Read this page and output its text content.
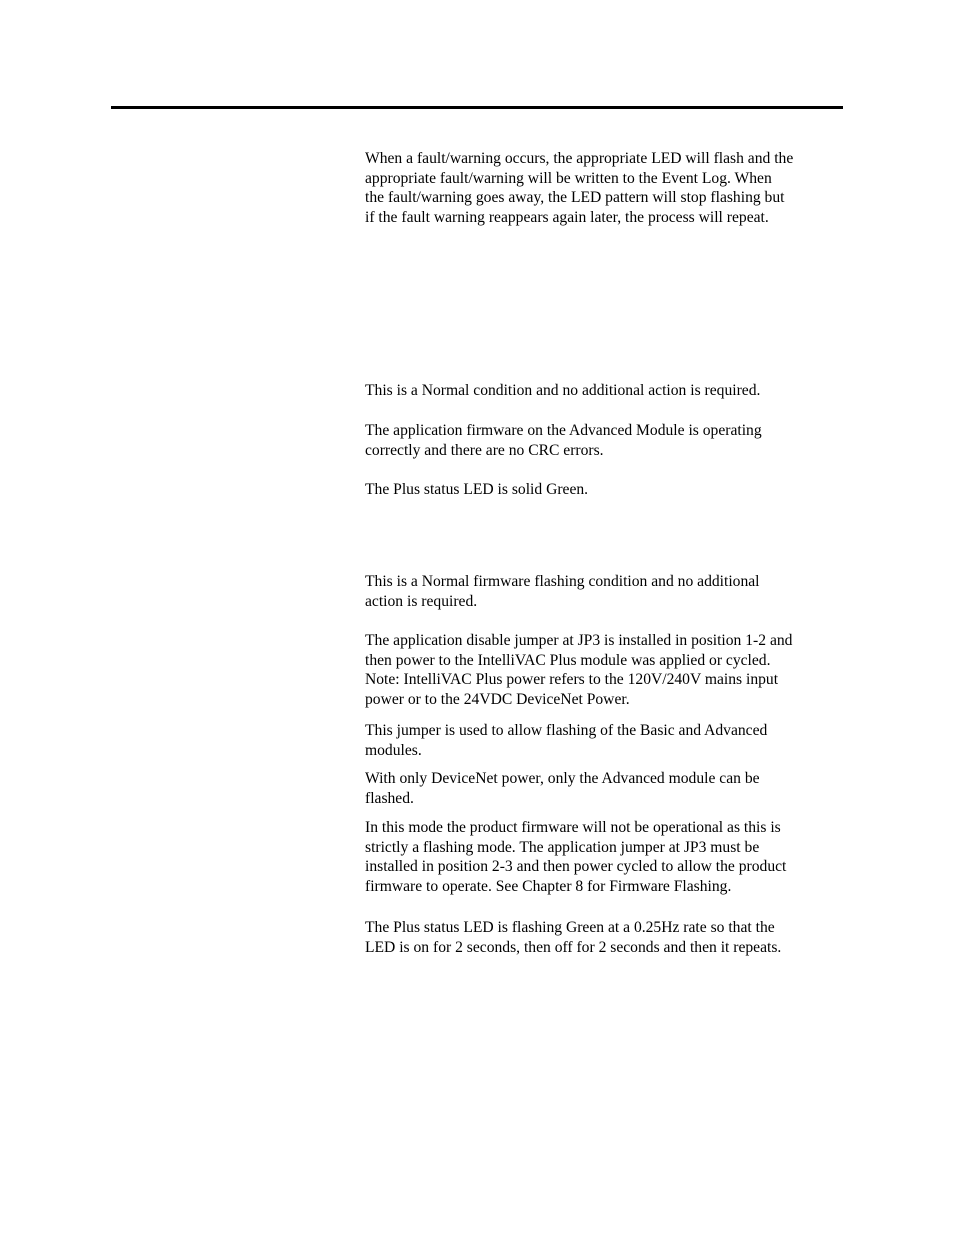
When a fault/warning occurs, the appropriate LED will flash and the
appropriate fault/warning will be written to the Event Log. When
the fault/warning goes away, the LED pattern will stop flashing but
if the fault warning reappears again later, the process will repeat.

This is a Normal condition and no additional action is required.

The application firmware on the Advanced Module is operating
correctly and there are no CRC errors.

The Plus status LED is solid Green.

This is a Normal firmware flashing condition and no additional
action is required.

The application disable jumper at JP3 is installed in position 1-2 and
then power to the IntelliVAC Plus module was applied or cycled.
Note: IntelliVAC Plus power refers to the 120V/240V mains input
power or to the 24VDC DeviceNet Power.

This jumper is used to allow flashing of the Basic and Advanced
modules.

With only DeviceNet power, only the Advanced module can be
flashed.

In this mode the product firmware will not be operational as this is
strictly a flashing mode. The application jumper at JP3 must be
installed in position 2-3 and then power cycled to allow the product
firmware to operate. See Chapter 8 for Firmware Flashing.

The Plus status LED is flashing Green at a 0.25Hz rate so that the
LED is on for 2 seconds, then off for 2 seconds and then it repeats.
